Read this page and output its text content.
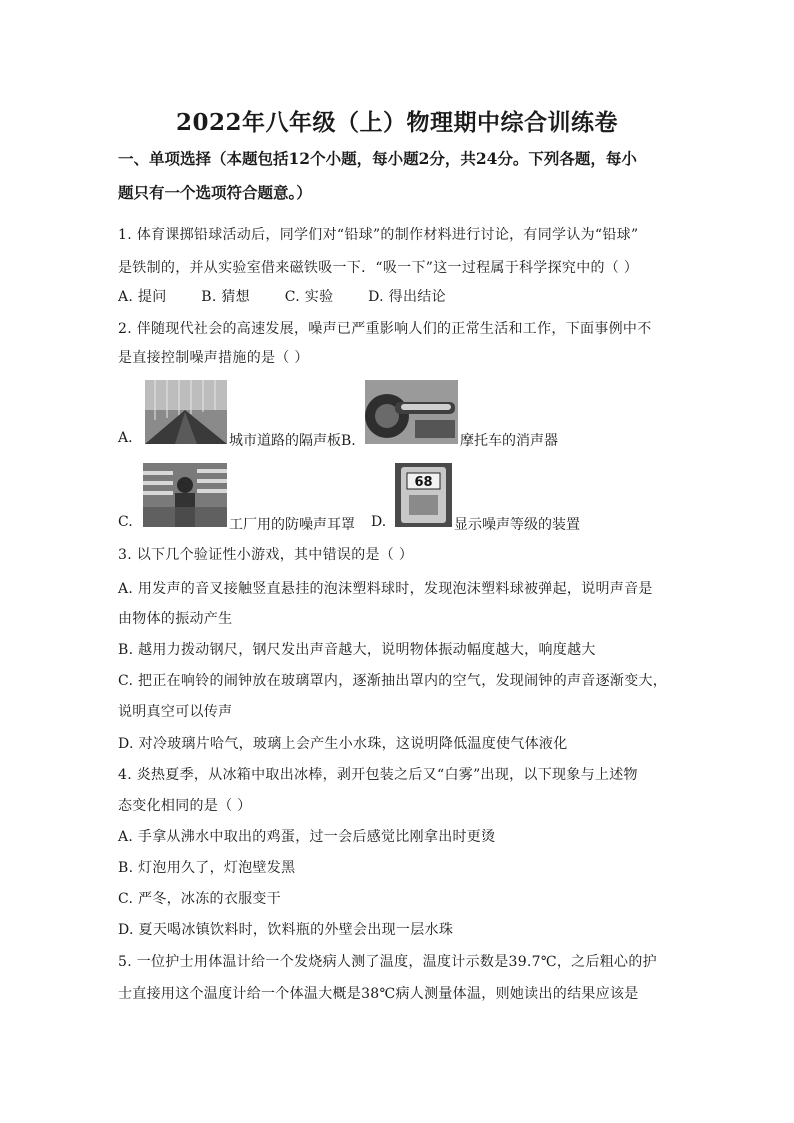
2022年八年级（上）物理期中综合训练卷
一、单项选择（本题包括12个小题，每小题2分，共24分。下列各题，每小
题只有一个选项符合题意。）
1. 体育课掷铅球活动后，同学们对“铅球”的制作材料进行讨论，有同学认为“铅球”
是铁制的，并从实验室借来磁铁吸一下．“吸一下”这一过程属于科学探究中的（ ）
A. 提问 B. 猜想 C. 实验 D. 得出结论
2. 伴随现代社会的高速发展，噪声已严重影响人们的正常生活和工作，下面事例中不
是直接控制噪声措施的是（ ）
A.	城市道路的隔声板B.	摩托车的消声器
C.	工厂用的防噪声耳罩 D.
68
显示噪声等级的装置
3. 以下几个验证性小游戏，其中错误的是（ ）
A. 用发声的音叉接触竖直悬挂的泡沫塑料球时，发现泡沫塑料球被弹起，说明声音是
由物体的振动产生
B. 越用力拨动钢尺，钢尺发出声音越大，说明物体振动幅度越大，响度越大
C. 把正在响铃的闹钟放在玻璃罩内，逐渐抽出罩内的空气，发现闹钟的声音逐渐变大，
说明真空可以传声
D. 对冷玻璃片哈气，玻璃上会产生小水珠，这说明降低温度使气体液化
4. 炎热夏季，从冰箱中取出冰棒，剥开包装之后又“白雾”出现，以下现象与上述物
态变化相同的是（ ）
A. 手拿从沸水中取出的鸡蛋，过一会后感觉比刚拿出时更烫
B. 灯泡用久了，灯泡壁发黑
C. 严冬，冰冻的衣服变干
D. 夏天喝冰镇饮料时，饮料瓶的外壁会出现一层水珠
5. 一位护士用体温计给一个发烧病人测了温度，温度计示数是39.7℃，之后粗心的护
士直接用这个温度计给一个体温大概是38℃病人测量体温，则她读出的结果应该是
